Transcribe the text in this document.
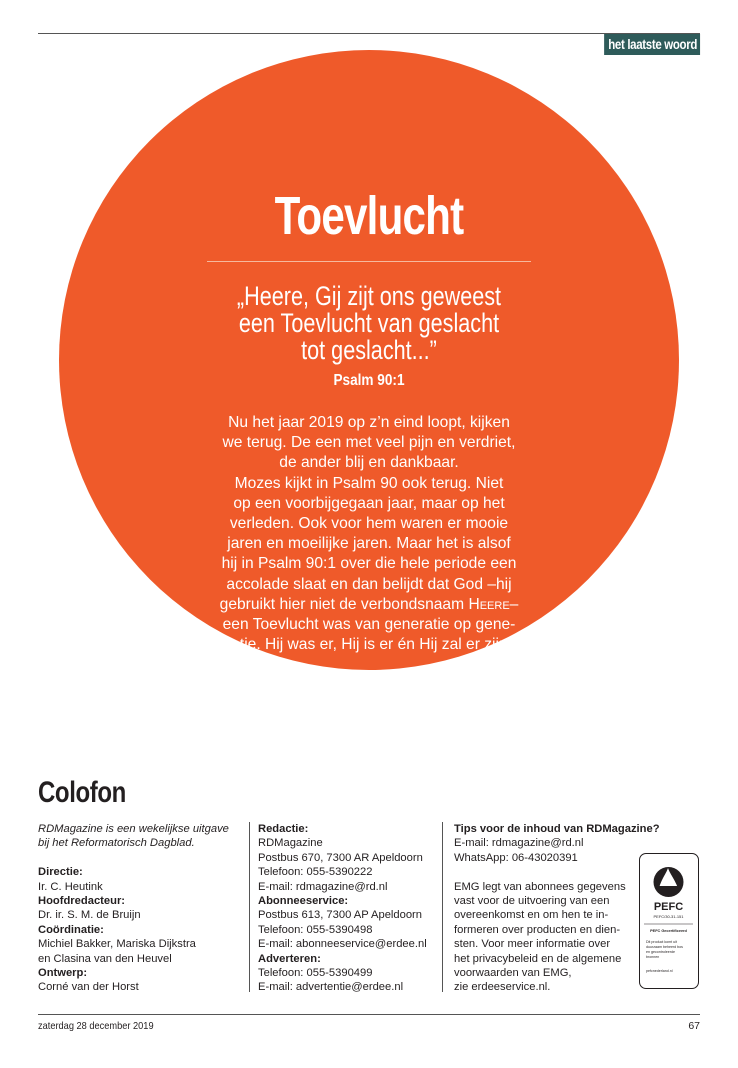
het laatste woord
Toevlucht
„Heere, Gij zijt ons geweest
een Toevlucht van geslacht
tot geslacht...”
Psalm 90:1
Nu het jaar 2019 op z’n eind loopt, kijken
we terug. De een met veel pijn en verdriet,
de ander blij en dankbaar.
Mozes kijkt in Psalm 90 ook terug. Niet
op een voorbijgegaan jaar, maar op het
verleden. Ook voor hem waren er mooie
jaren en moeilijke jaren. Maar het is alsof
hij in Psalm 90:1 over die hele periode een
accolade slaat en dan belijdt dat God –hij
gebruikt hier niet de verbondsnaam Heere–
een Toevlucht was van generatie op gene-
ratie. Hij was er, Hij is er én Hij zal er zijn.
Colofon
RDMagazine is een wekelijkse uitgave
bij het Reformatorisch Dagblad.
Directie:
Ir. C. Heutink
Hoofdredacteur:
Dr. ir. S. M. de Bruijn
Coördinatie:
Michiel Bakker, Mariska Dijkstra
en Clasina van den Heuvel
Ontwerp:
Corné van der Horst
Redactie:
RDMagazine
Postbus 670, 7300 AR Apeldoorn
Telefoon: 055-5390222
E-mail: rdmagazine@rd.nl
Abonneeservice:
Postbus 613, 7300 AP Apeldoorn
Telefoon: 055-5390498
E-mail: abonneeservice@erdee.nl
Adverteren:
Telefoon: 055-5390499
E-mail: advertentie@erdee.nl
Tips voor de inhoud van RDMagazine?
E-mail: rdmagazine@rd.nl
WhatsApp: 06-43020391
EMG legt van abonnees gegevens
vast voor de uitvoering van een
overeenkomst en om hen te in-
formeren over producten en dien-
sten. Voor meer informatie over
het privacybeleid en de algemene
voorwaarden van EMG,
zie erdeeservice.nl.
PEFC
PEFC/30-31-151
PEFC Gecertificeerd
Dit product komt uit
duurzaam beheerd bos
en gecontroleerde
bronnen
pefcnederland.nl
zaterdag 28 december 2019	67
